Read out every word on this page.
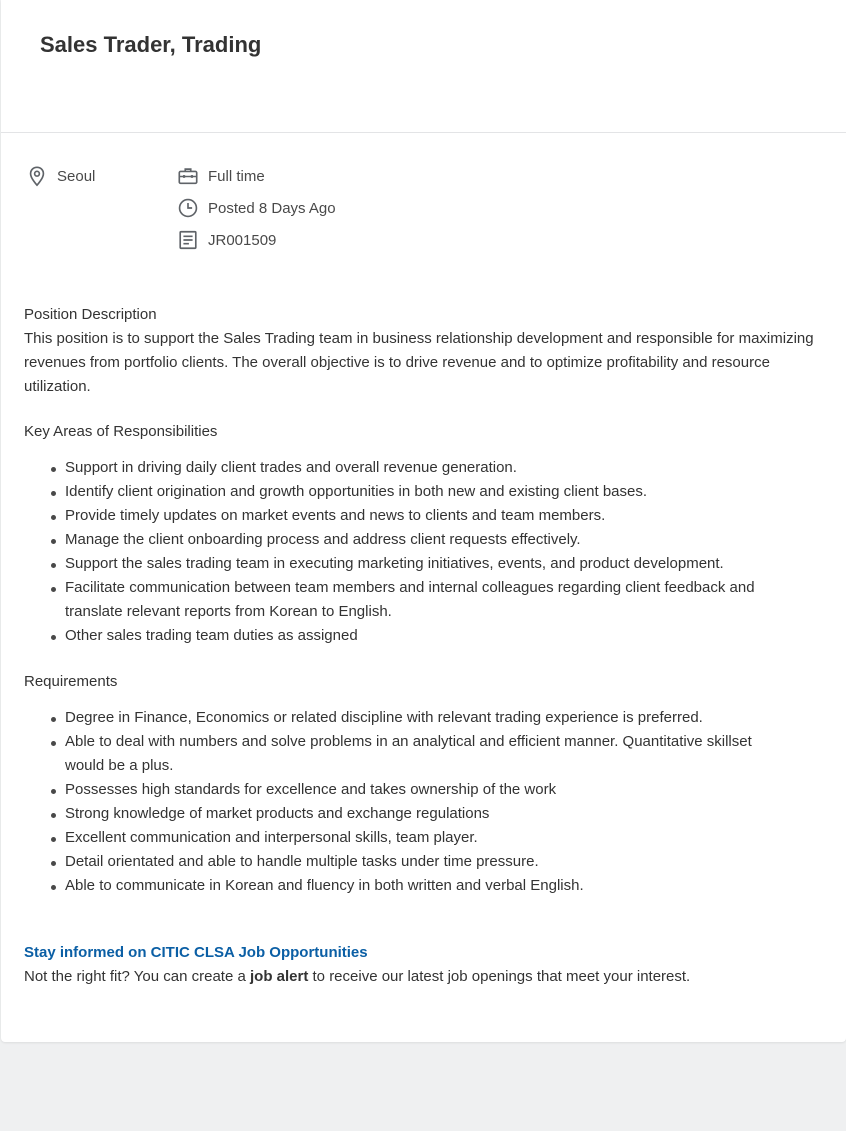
Sales Trader, Trading
Seoul	Full time
Posted 8 Days Ago
JR001509

Position Description

This position is to support the Sales Trading team in business relationship development and responsible for maximizing revenues from portfolio clients. The overall objective is to drive revenue and to optimize profitability and resource utilization.

Key Areas of Responsibilities

Support in driving daily client trades and overall revenue generation.
Identify client origination and growth opportunities in both new and existing client bases.
Provide timely updates on market events and news to clients and team members.
Manage the client onboarding process and address client requests effectively.
Support the sales trading team in executing marketing initiatives, events, and product development.
Facilitate communication between team members and internal colleagues regarding client feedback and translate relevant reports from Korean to English.
Other sales trading team duties as assigned

Requirements

Degree in Finance, Economics or related discipline with relevant trading experience is preferred.
Able to deal with numbers and solve problems in an analytical and efficient manner. Quantitative skillset would be a plus.
Possesses high standards for excellence and takes ownership of the work
Strong knowledge of market products and exchange regulations
Excellent communication and interpersonal skills, team player.
Detail orientated and able to handle multiple tasks under time pressure.
Able to communicate in Korean and fluency in both written and verbal English.

Stay informed on CITIC CLSA Job Opportunities

Not the right fit? You can create a job alert to receive our latest job openings that meet your interest.
